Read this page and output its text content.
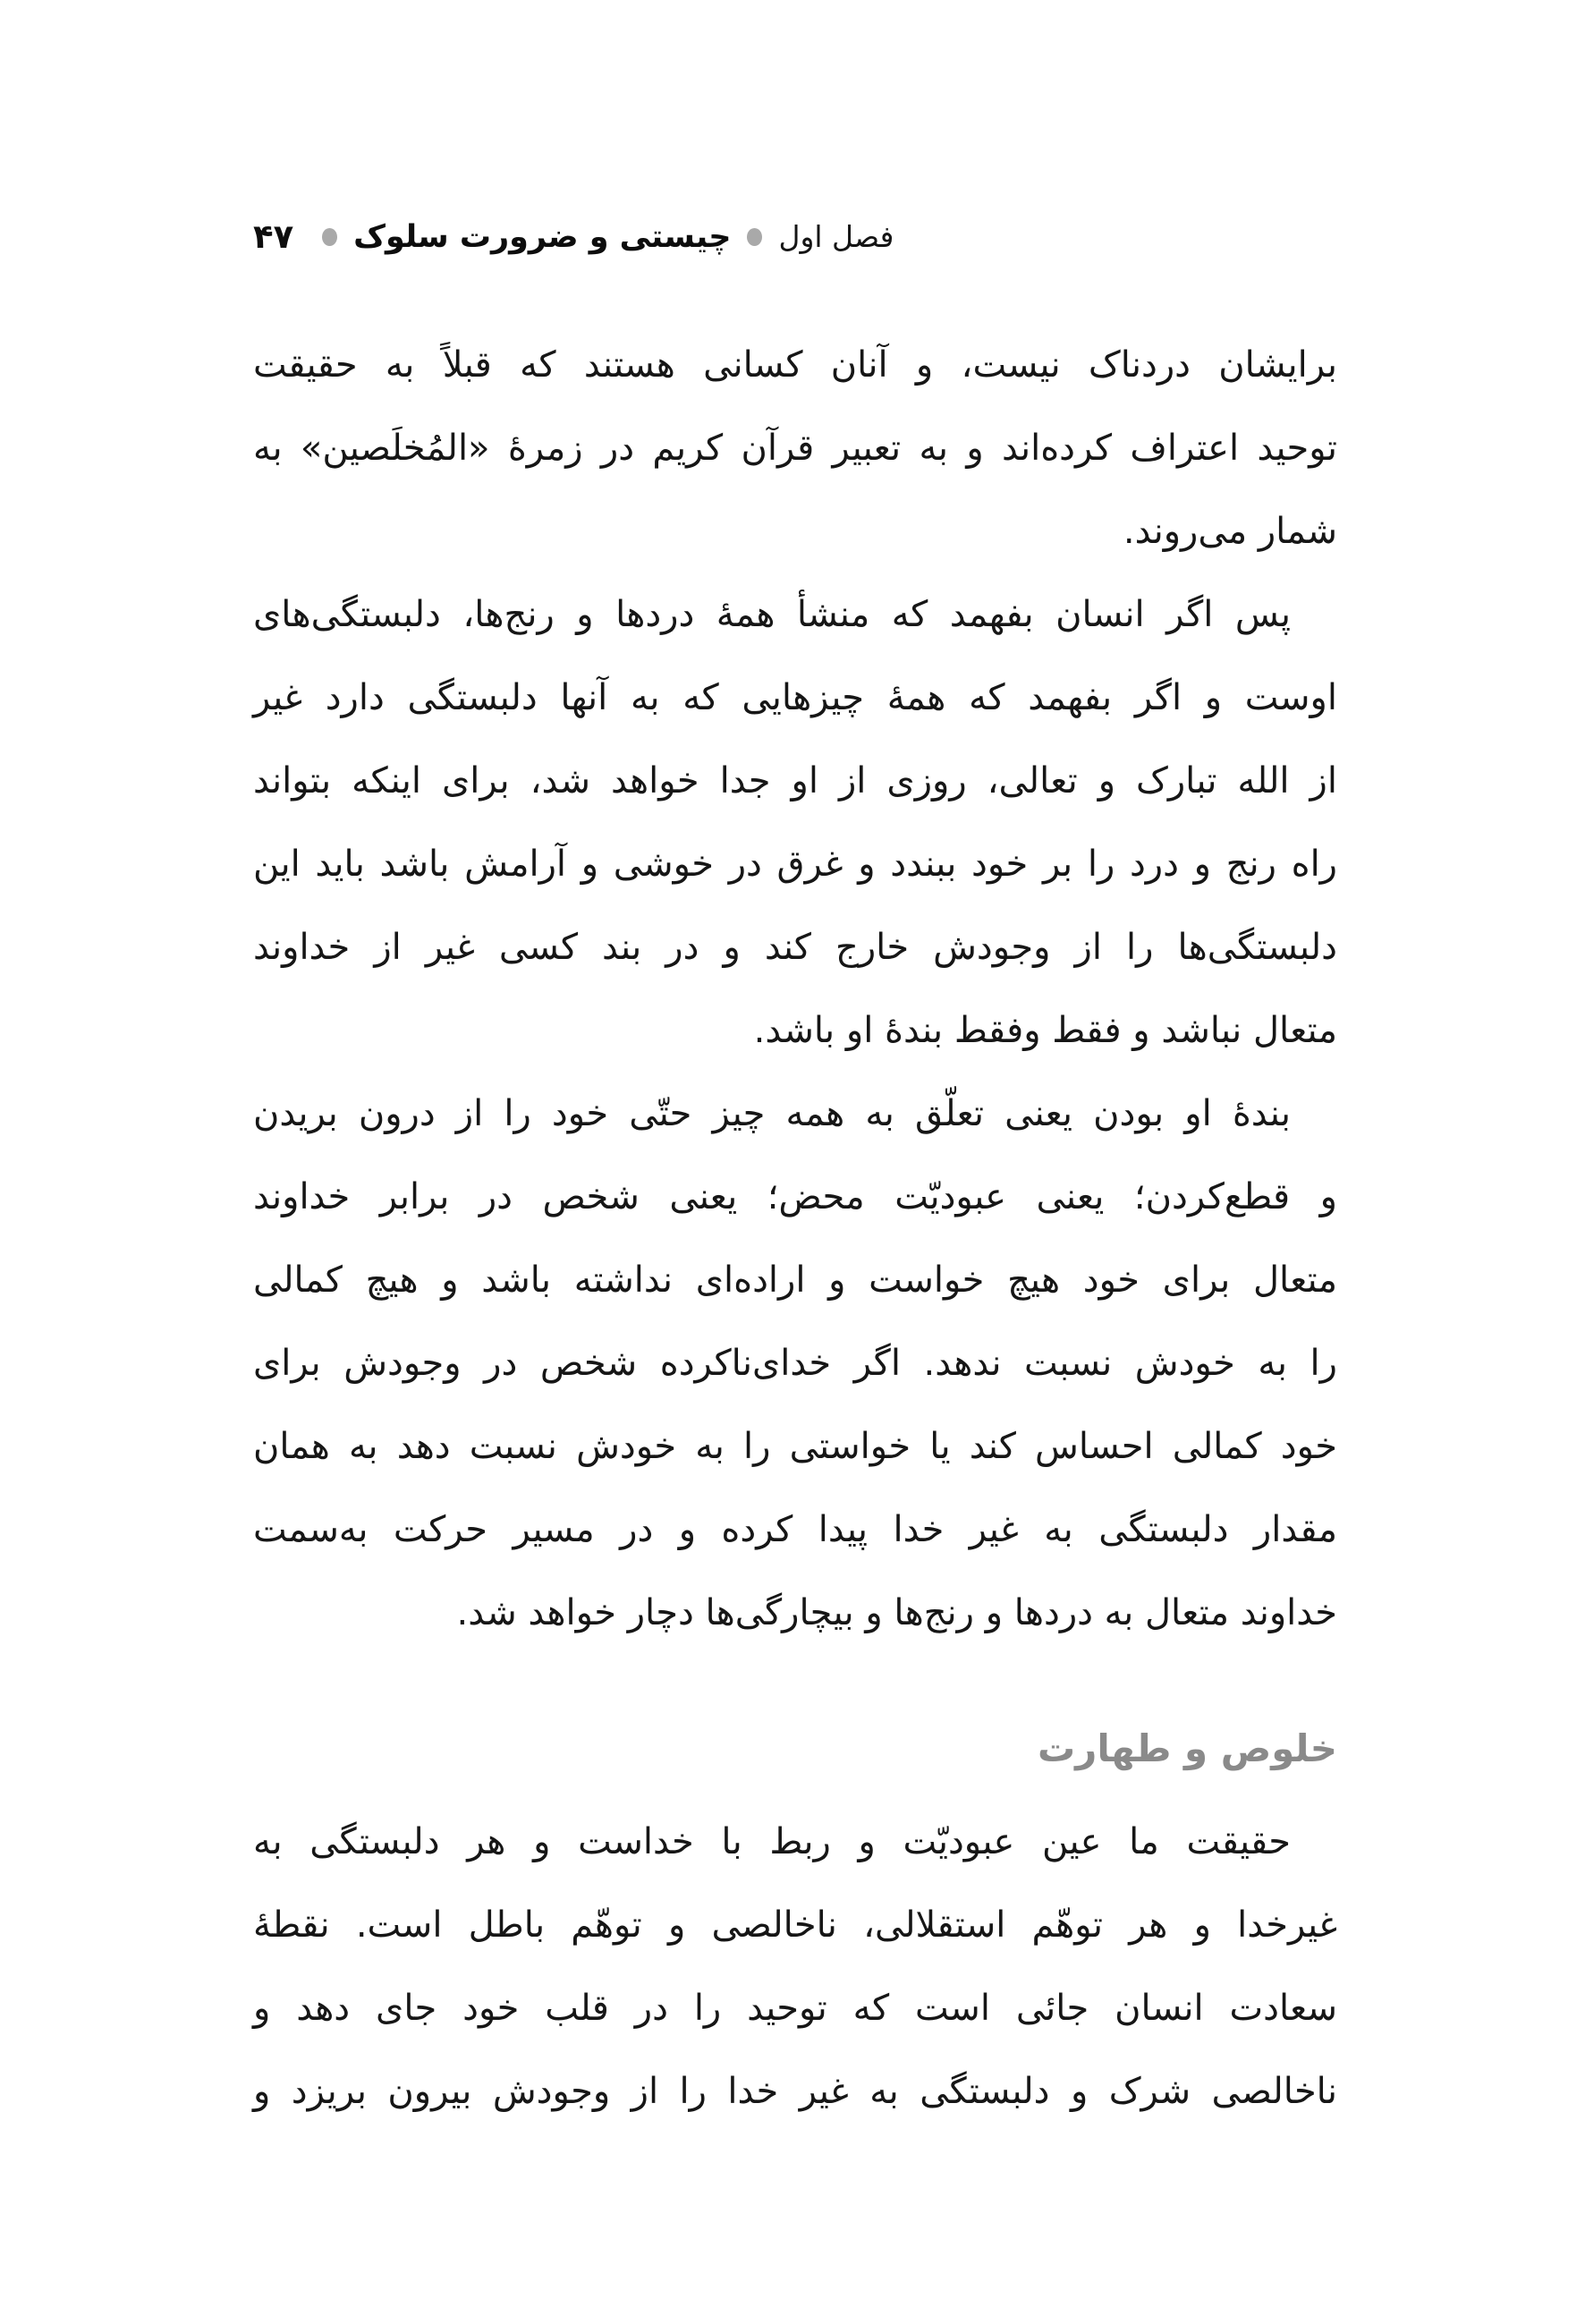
فصل اول
چیستی و ضرورت سلوک
۴۷
برایشان دردناک نیست، و آنان کسانی هستند که قبلاً به حقیقت
توحید اعتراف کرده‌اند و به تعبیر قرآن کریم در زمرهٔ «المُخلَصین» به
شمار می‌روند.
پس اگر انسان بفهمد که منشأ همهٔ دردها و رنج‌ها، دلبستگی‌های
اوست و اگر بفهمد که همهٔ چیزهایی که به آنها دلبستگی دارد غیر
از الله تبارک و تعالی، روزی از او جدا خواهد شد، برای اینکه بتواند
راه رنج و درد را بر خود ببندد و غرق در خوشی و آرامش باشد باید این
دلبستگی‌ها را از وجودش خارج کند و در بند کسی غیر از خداوند
متعال نباشد و فقط وفقط بندهٔ او باشد.
بندهٔ او بودن یعنی تعلّق به همه چیز حتّی خود را از درون بریدن
و قطع‌کردن؛ یعنی عبودیّت محض؛ یعنی شخص در برابر خداوند
متعال برای خود هیچ خواست و اراده‌ای نداشته باشد و هیچ کمالی
را به خودش نسبت ندهد. اگر خدای‌ناکرده شخص در وجودش برای
خود کمالی احساس کند یا خواستی را به خودش نسبت دهد به همان
مقدار دلبستگی به غیر خدا پیدا کرده و در مسیر حرکت به‌سمت
خداوند متعال به دردها و رنج‌ها و بیچارگی‌ها دچار خواهد شد.
خلوص و طهارت
حقیقت ما عین عبودیّت و ربط با خداست و هر دلبستگی به
غیرخدا و هر توهّم استقلالی، ناخالصی و توهّم باطل است. نقطهٔ
سعادت انسان جائی است که توحید را در قلب خود جای دهد و
ناخالصی شرک و دلبستگی به غیر خدا را از وجودش بیرون بریزد و
